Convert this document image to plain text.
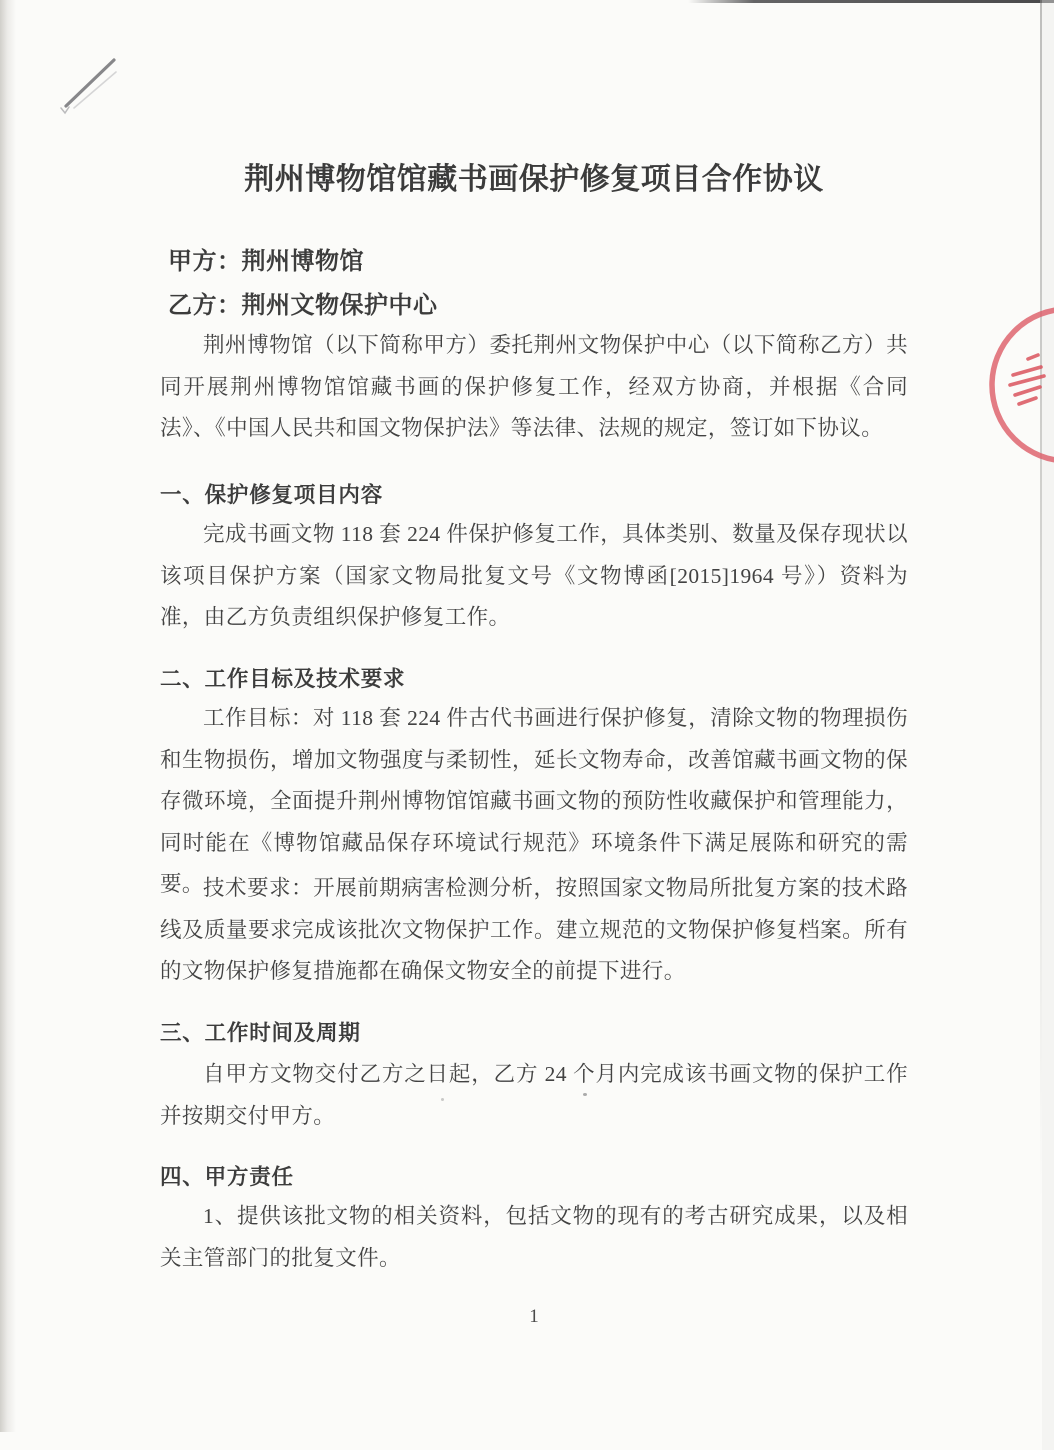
荆州博物馆馆藏书画保护修复项目合作协议
甲方：荆州博物馆
乙方：荆州文物保护中心

荆州博物馆（以下简称甲方）委托荆州文物保护中心（以下简称乙方）共同开展荆州博物馆馆藏书画的保护修复工作，经双方协商，并根据《合同法》、《中国人民共和国文物保护法》等法律、法规的规定，签订如下协议。

一、保护修复项目内容

完成书画文物 118 套 224 件保护修复工作，具体类别、数量及保存现状以该项目保护方案（国家文物局批复文号《文物博函[2015]1964 号》）资料为准，由乙方负责组织保护修复工作。

二、工作目标及技术要求

工作目标：对 118 套 224 件古代书画进行保护修复，清除文物的物理损伤和生物损伤，增加文物强度与柔韧性，延长文物寿命，改善馆藏书画文物的保存微环境，全面提升荆州博物馆馆藏书画文物的预防性收藏保护和管理能力，同时能在《博物馆藏品保存环境试行规范》环境条件下满足展陈和研究的需要。 技术要求：开展前期病害检测分析，按照国家文物局所批复方案的技术路线及质量要求完成该批次文物保护工作。建立规范的文物保护修复档案。所有的文物保护修复措施都在确保文物安全的前提下进行。

三、工作时间及周期

自甲方文物交付乙方之日起，乙方 24 个月内完成该书画文物的保护工作并按期交付甲方。

四、甲方责任

1、提供该批文物的相关资料，包括文物的现有的考古研究成果，以及相关主管部门的批复文件。

1
